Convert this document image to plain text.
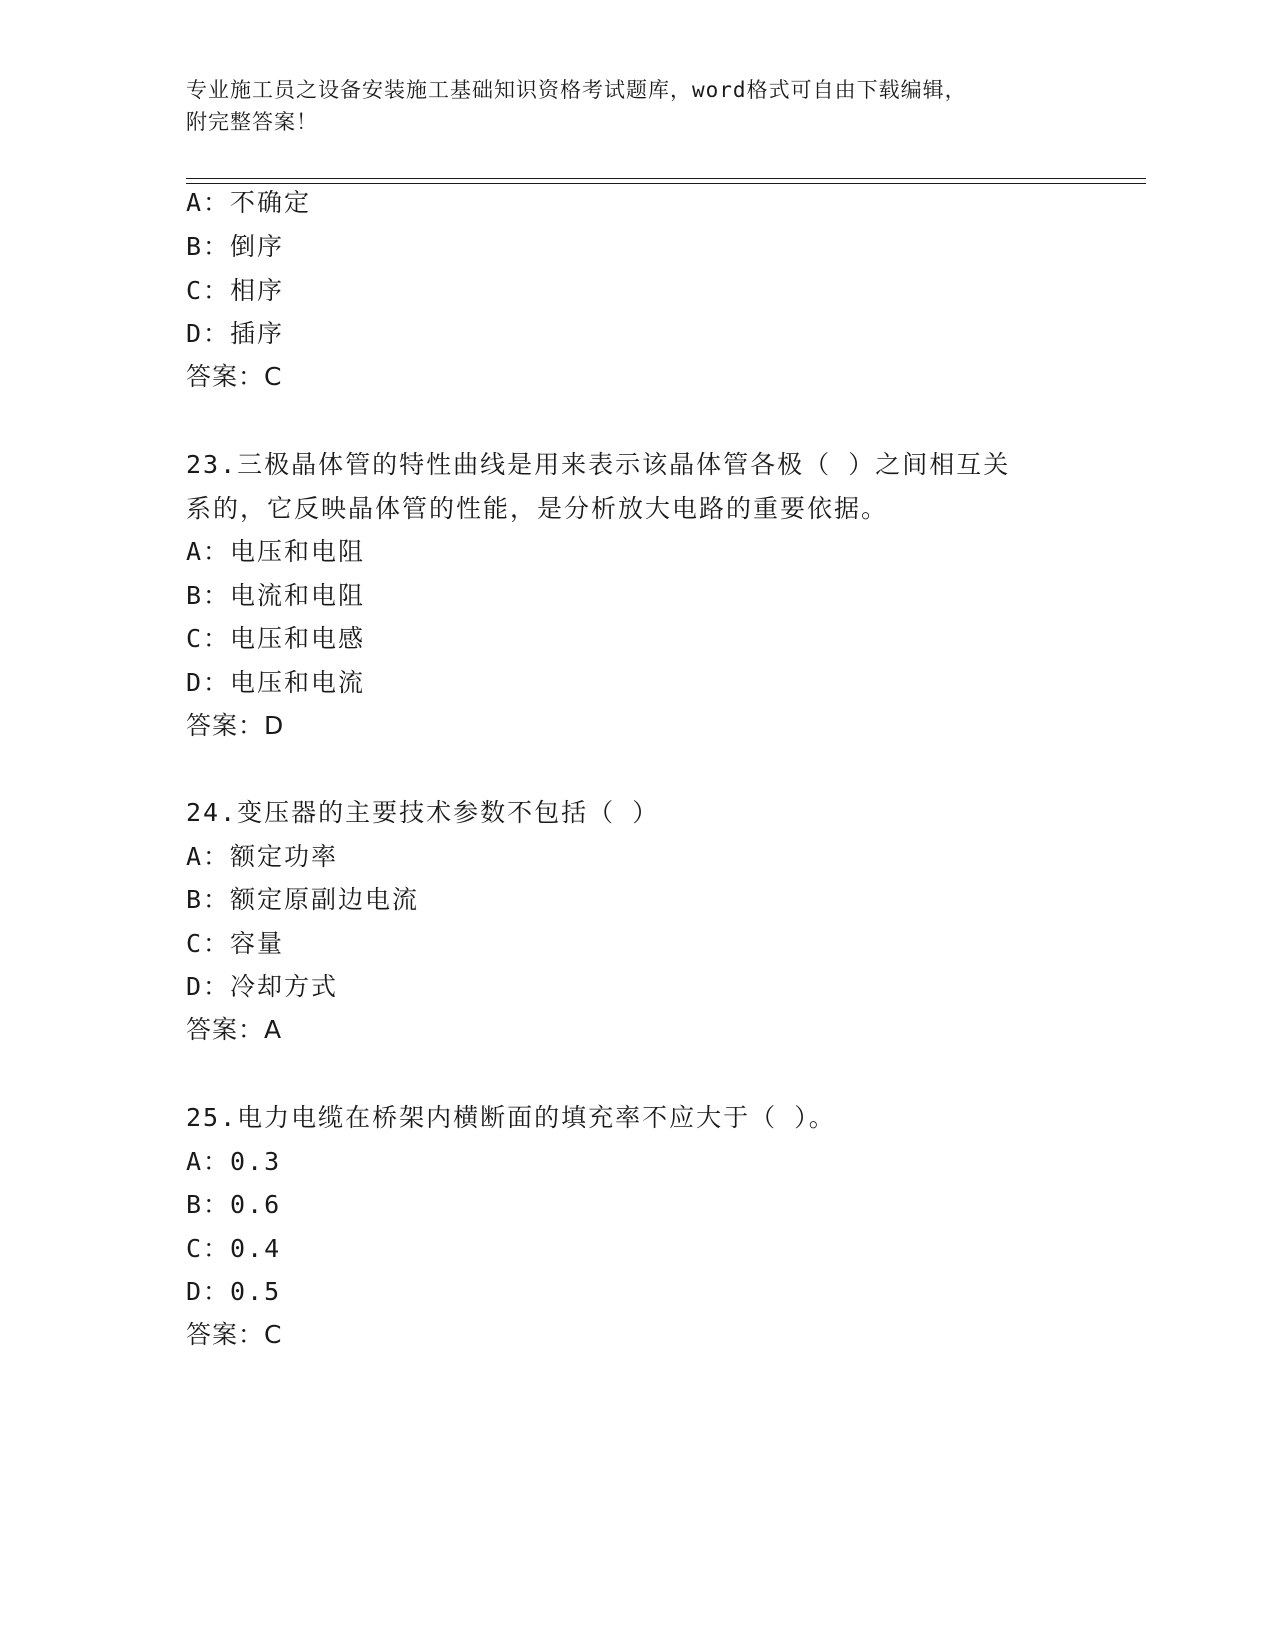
专业施工员之设备安装施工基础知识资格考试题库，word格式可自由下载编辑，
附完整答案！
A：不确定
B：倒序
C：相序
D：插序
答案：C
23.三极晶体管的特性曲线是用来表示该晶体管各极（ ）之间相互关
系的，它反映晶体管的性能，是分析放大电路的重要依据。
A：电压和电阻
B：电流和电阻
C：电压和电感
D：电压和电流
答案：D
24.变压器的主要技术参数不包括（ ）
A：额定功率
B：额定原副边电流
C：容量
D：冷却方式
答案：A
25.电力电缆在桥架内横断面的填充率不应大于（ ）。
A：0.3
B：0.6
C：0.4
D：0.5
答案：C
